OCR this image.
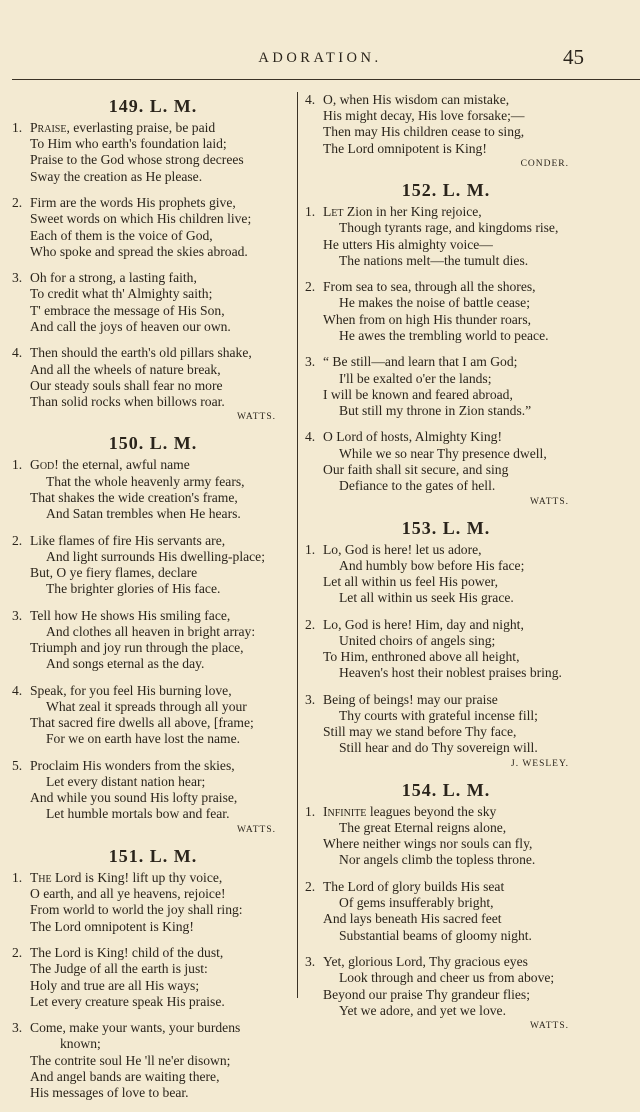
ADORATION.	45
149. L. M.
1. Praise, everlasting praise, be paid
To Him who earth's foundation laid;
Praise to the God whose strong decrees
Sway the creation as He please.
2. Firm are the words His prophets give,
Sweet words on which His children live;
Each of them is the voice of God,
Who spoke and spread the skies abroad.
3. Oh for a strong, a lasting faith,
To credit what th' Almighty saith;
T' embrace the message of His Son,
And call the joys of heaven our own.
4. Then should the earth's old pillars shake,
And all the wheels of nature break,
Our steady souls shall fear no more
Than solid rocks when billows roar.
WATTS.
150. L. M.
1. God! the eternal, awful name
That the whole heavenly army fears,
That shakes the wide creation's frame,
And Satan trembles when He hears.
2. Like flames of fire His servants are,
And light surrounds His dwelling-place;
But, O ye fiery flames, declare
The brighter glories of His face.
3. Tell how He shows His smiling face,
And clothes all heaven in bright array:
Triumph and joy run through the place,
And songs eternal as the day.
4. Speak, for you feel His burning love,
What zeal it spreads through all your
That sacred fire dwells all above, [frame;
For we on earth have lost the name.
5. Proclaim His wonders from the skies,
Let every distant nation hear;
And while you sound His lofty praise,
Let humble mortals bow and fear.
WATTS.
151. L. M.
1. The Lord is King! lift up thy voice,
O earth, and all ye heavens, rejoice!
From world to world the joy shall ring:
The Lord omnipotent is King!
2. The Lord is King! child of the dust,
The Judge of all the earth is just:
Holy and true are all His ways;
Let every creature speak His praise.
3. Come, make your wants, your burdens
known;
The contrite soul He 'll ne'er disown;
And angel bands are waiting there,
His messages of love to bear.
4. O, when His wisdom can mistake,
His might decay, His love forsake;—
Then may His children cease to sing,
The Lord omnipotent is King!
CONDER.
152. L. M.
1. Let Zion in her King rejoice,
Though tyrants rage, and kingdoms rise,
He utters His almighty voice—
The nations melt—the tumult dies.
2. From sea to sea, through all the shores,
He makes the noise of battle cease;
When from on high His thunder roars,
He awes the trembling world to peace.
3. “ Be still—and learn that I am God;
I'll be exalted o'er the lands;
I will be known and feared abroad,
But still my throne in Zion stands.”
4. O Lord of hosts, Almighty King!
While we so near Thy presence dwell,
Our faith shall sit secure, and sing
Defiance to the gates of hell.
WATTS.
153. L. M.
1. Lo, God is here! let us adore,
And humbly bow before His face;
Let all within us feel His power,
Let all within us seek His grace.
2. Lo, God is here! Him, day and night,
United choirs of angels sing;
To Him, enthroned above all height,
Heaven's host their noblest praises bring.
3. Being of beings! may our praise
Thy courts with grateful incense fill;
Still may we stand before Thy face,
Still hear and do Thy sovereign will.
J. WESLEY.
154. L. M.
1. Infinite leagues beyond the sky
The great Eternal reigns alone,
Where neither wings nor souls can fly,
Nor angels climb the topless throne.
2. The Lord of glory builds His seat
Of gems insufferably bright,
And lays beneath His sacred feet
Substantial beams of gloomy night.
3. Yet, glorious Lord, Thy gracious eyes
Look through and cheer us from above;
Beyond our praise Thy grandeur flies;
Yet we adore, and yet we love.
WATTS.
